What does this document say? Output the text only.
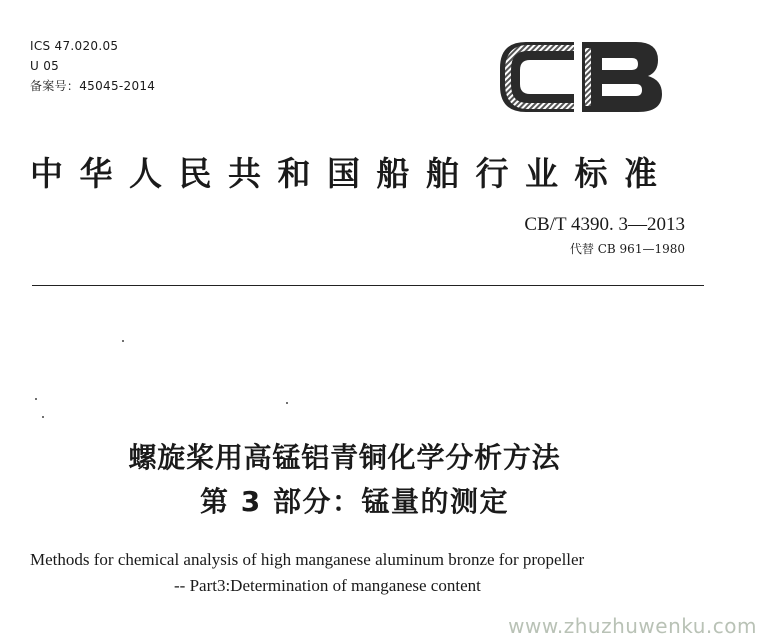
ICS 47.020.05
U 05
备案号：45045-2014
中华人民共和国船舶行业标准
CB/T 4390. 3—2013
代替 CB 961—1980
螺旋桨用高锰铝青铜化学分析方法
第 3 部分：锰量的测定
Methods for chemical analysis of high manganese aluminum bronze for propeller
-- Part3:Determination of manganese content
www.zhuzhuwenku.com
